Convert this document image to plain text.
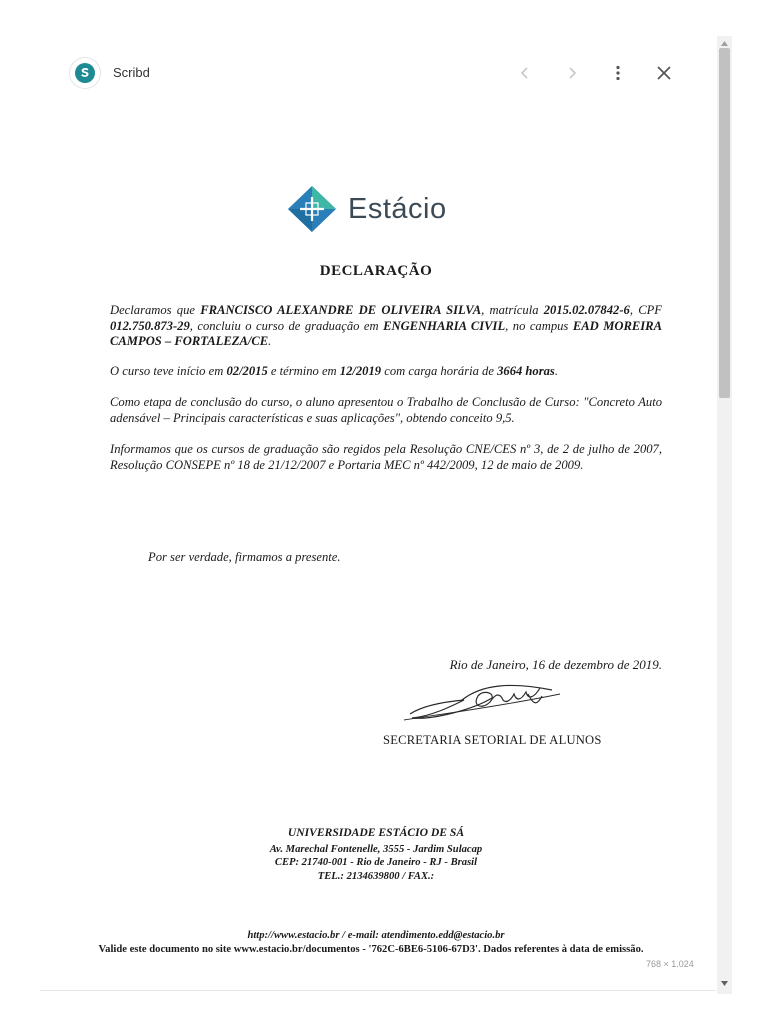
Scribd
Estácio
DECLARAÇÃO
Declaramos que FRANCISCO ALEXANDRE DE OLIVEIRA SILVA, matrícula 2015.02.07842-6, CPF 012.750.873-29, concluiu o curso de graduação em ENGENHARIA CIVIL, no campus EAD MOREIRA CAMPOS – FORTALEZA/CE.
O curso teve início em 02/2015 e término em 12/2019 com carga horária de 3664 horas.
Como etapa de conclusão do curso, o aluno apresentou o Trabalho de Conclusão de Curso: "Concreto Auto adensável – Principais características e suas aplicações", obtendo conceito 9,5.
Informamos que os cursos de graduação são regidos pela Resolução CNE/CES nº 3, de 2 de julho de 2007, Resolução CONSEPE nº 18 de 21/12/2007 e Portaria MEC nº 442/2009, 12 de maio de 2009.
Por ser verdade, firmamos a presente.
Rio de Janeiro, 16 de dezembro de 2019.
SECRETARIA SETORIAL DE ALUNOS
UNIVERSIDADE ESTÁCIO DE SÁ
Av. Marechal Fontenelle, 3555 - Jardim Sulacap
CEP: 21740-001 - Rio de Janeiro - RJ - Brasil
TEL.: 2134639800 / FAX.:
http://www.estacio.br / e-mail: atendimento.edd@estacio.br
Valide este documento no site www.estacio.br/documentos - '762C-6BE6-5106-67D3'. Dados referentes à data de emissão.
768 × 1.024
